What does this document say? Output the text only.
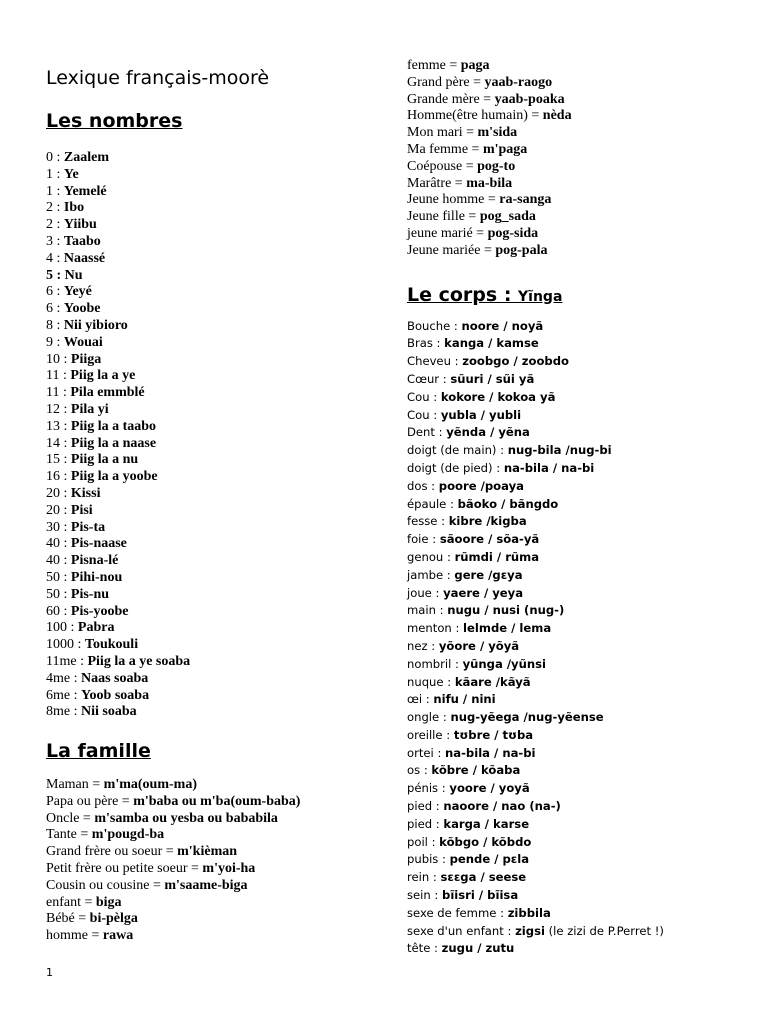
Lexique français-moorè
Les nombres
0 : Zaalem
1 : Ye
1 : Yemelé
2 : Ibo
2 : Yiibu
3 : Taabo
4 : Naassé
5 : Nu
6 : Yeyé
6 : Yoobe
8 : Nii yibioro
9 : Wouai
10 : Piiga
11 : Piig la a ye
11 : Pila emmblé
12 : Pila yi
13 : Piig la a taabo
14 : Piig la a naase
15 : Piig la a nu
16 : Piig la a yoobe
20 : Kissi
20 : Pisi
30 : Pis-ta
40 : Pis-naase
40 : Pisna-lé
50 : Pihi-nou
50 : Pis-nu
60 : Pis-yoobe
100 : Pabra
1000 : Toukouli
11me : Piig la a ye soaba
4me : Naas soaba
6me : Yoob soaba
8me : Nii soaba
La famille
Maman = m'ma(oum-ma)
Papa ou père = m'baba ou m'ba(oum-baba)
Oncle = m'samba ou yesba ou bababila
Tante = m'pougd-ba
Grand frère ou soeur = m'kièman
Petit frère ou petite soeur = m'yoi-ha
Cousin ou cousine = m'saame-biga
enfant = biga
Bébé = bi-pèlga
homme = rawa
femme = paga
Grand père = yaab-raogo
Grande mère = yaab-poaka
Homme(être humain) = nèda
Mon mari = m'sida
Ma femme = m'paga
Coépouse = pog-to
Marâtre = ma-bila
Jeune homme = ra-sanga
Jeune fille = pog_sada
jeune marié = pog-sida
Jeune mariée = pog-pala
Le corps : Yĩnga
Bouche : noore / noyã
Bras : kanga / kamse
Cheveu : zoobgo / zoobdo
Cœur : sũuri / sũi yã
Cou : kokore / kokoa yã
Cou : yubla / yubli
Dent : yẽnda / yẽna
doigt (de main) : nug-bila /nug-bi
doigt (de pied) : na-bila / na-bi
dos : poore /poaya
épaule : bãoko / bãngdo
fesse : kibre /kigba
foie : sãoore / sõa-yã
genou : rũmdi / rũma
jambe : gere /gɛya
joue : yaere / yeya
main : nugu / nusi (nug-)
menton : lelmde / lema
nez : yõore / yõyã
nombril : yũnga /yũnsi
nuque : kãare /kãyã
œi : nifu / nini
ongle : nug-yẽega /nug-yẽense
oreille : tʊbre / tʊba
ortei : na-bila / na-bi
os : kõbre / kõaba
pénis : yoore / yoyã
pied : naoore / nao (na-)
pied : karga / karse
poil : kõbgo / kõbdo
pubis : pende / pɛla
rein : sɛɛga / seese
sein : bĩisri / bĩisa
sexe de femme : zibbila
sexe d'un enfant : zigsi (le zizi de P.Perret !)
tête : zugu / zutu
1
